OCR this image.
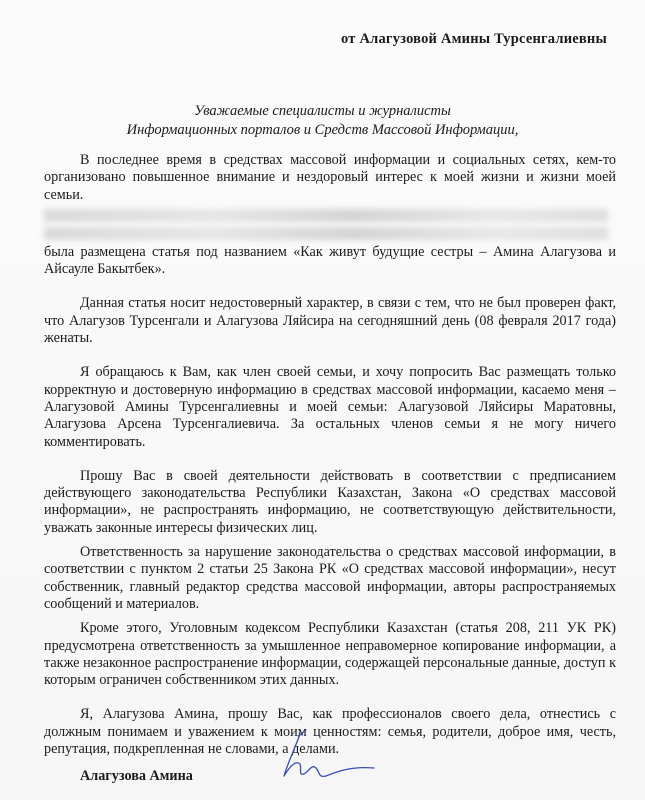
от Алагузовой Амины Турсенгалиевны
Уважаемые специалисты и журналисты
Информационных порталов и Средств Массовой Информации,

В последнее время в средствах массовой информации и социальных сетях, кем-то организовано повышенное внимание и нездоровый интерес к моей жизни и жизни моей семьи.

была размещена статья под названием «Как живут будущие сестры – Амина Алагузова и Айсауле Бакытбек».

Данная статья носит недостоверный характер, в связи с тем, что не был проверен факт, что Алагузов Турсенгали и Алагузова Ляйсира на сегодняшний день (08 февраля 2017 года) женаты.

Я обращаюсь к Вам, как член своей семьи, и хочу попросить Вас размещать только корректную и достоверную информацию в средствах массовой информации, касаемо меня – Алагузовой Амины Турсенгалиевны и моей семьи: Алагузовой Ляйсиры Маратовны, Алагузова Арсена Турсенгалиевича. За остальных членов семьи я не могу ничего комментировать.

Прошу Вас в своей деятельности действовать в соответствии с предписанием действующего законодательства Республики Казахстан, Закона «О средствах массовой информации», не распространять информацию, не соответствующую действительности, уважать законные интересы физических лиц.

Ответственность за нарушение законодательства о средствах массовой информации, в соответствии с пунктом 2 статьи 25 Закона РК «О средствах массовой информации», несут собственник, главный редактор средства массовой информации, авторы распространяемых сообщений и материалов.

Кроме этого, Уголовным кодексом Республики Казахстан (статья 208, 211 УК РК) предусмотрена ответственность за умышленное неправомерное копирование информации, а также незаконное распространение информации, содержащей персональные данные, доступ к которым ограничен собственником этих данных.

Я, Алагузова Амина, прошу Вас, как профессионалов своего дела, отнестись с должным понимаем и уважением к моим ценностям: семья, родители, доброе имя, честь, репутация, подкрепленная не словами, а делами.

Алагузова Амина
